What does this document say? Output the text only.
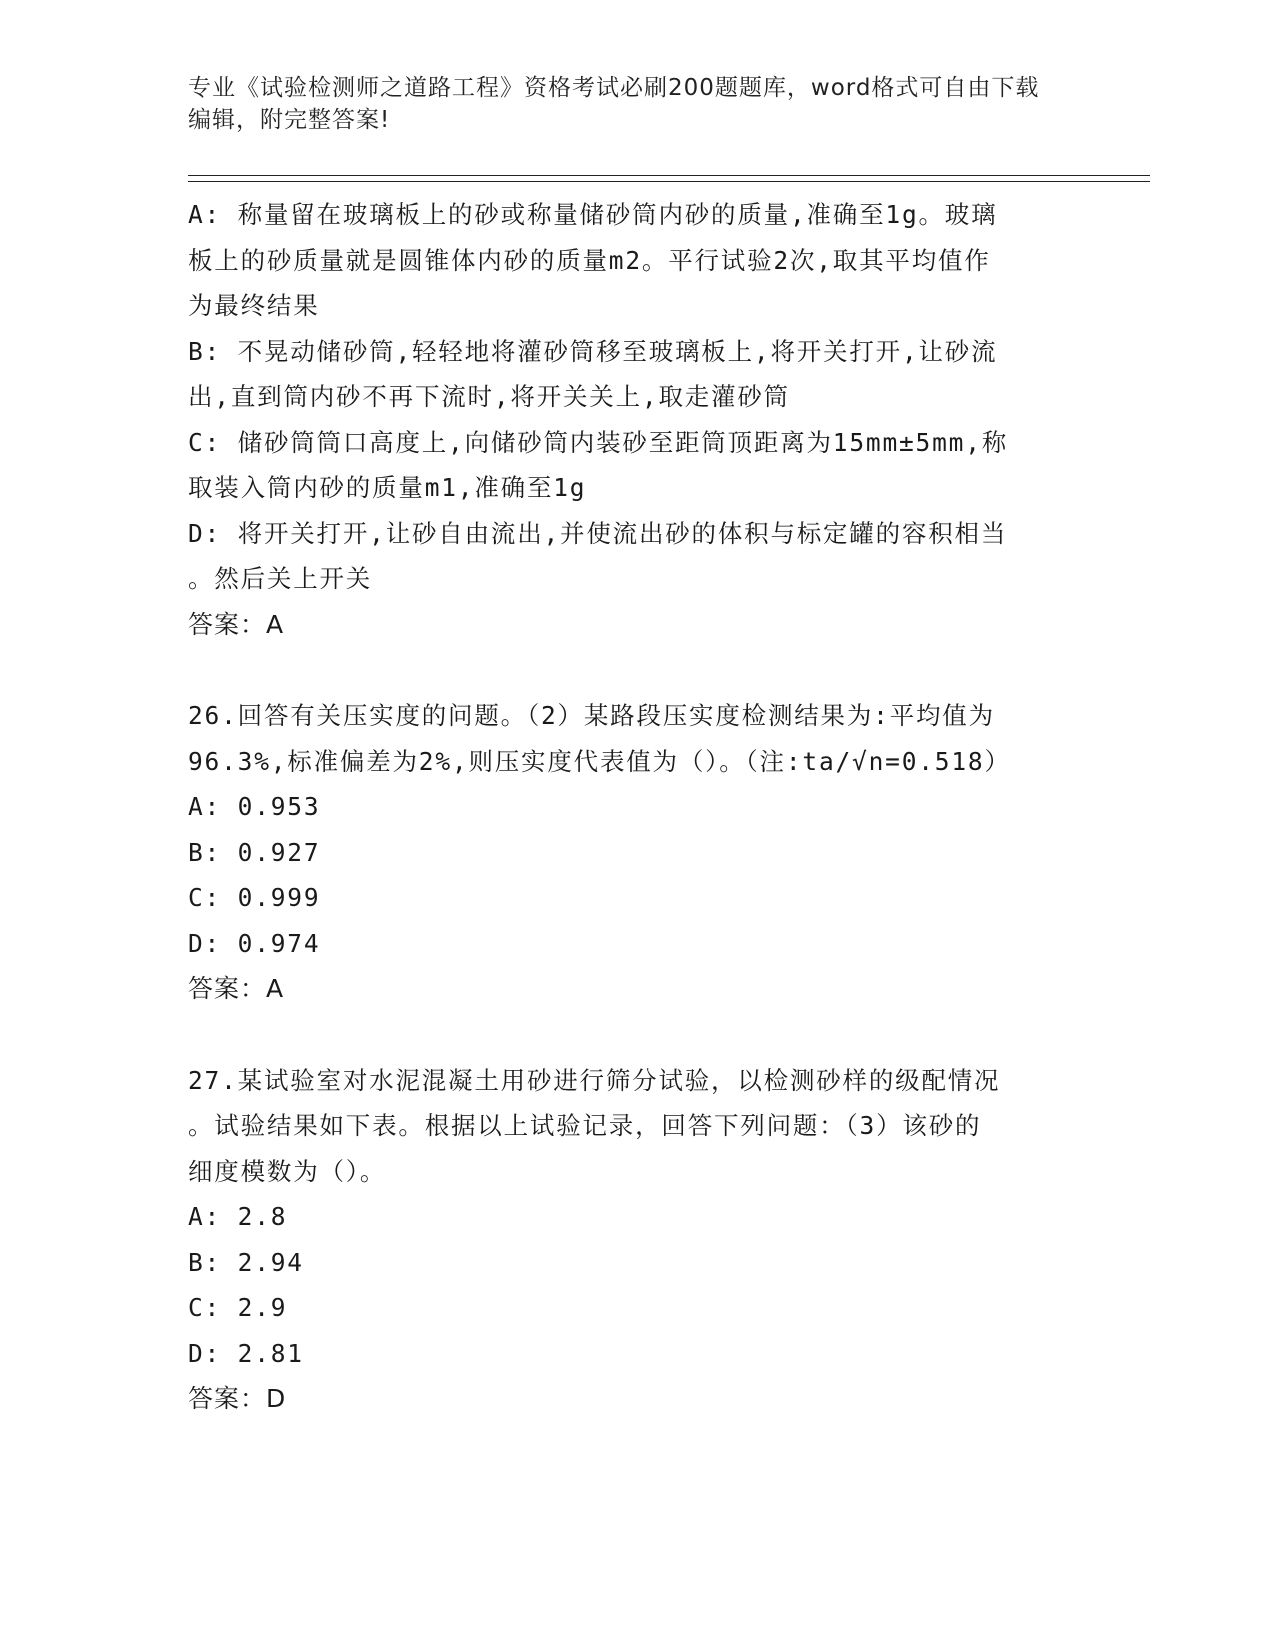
专业《试验检测师之道路工程》资格考试必刷200题题库，word格式可自由下载

编辑，附完整答案!

A: 称量留在玻璃板上的砂或称量储砂筒内砂的质量,准确至1g。玻璃

板上的砂质量就是圆锥体内砂的质量m2。平行试验2次,取其平均值作

为最终结果

B: 不晃动储砂筒,轻轻地将灌砂筒移至玻璃板上,将开关打开,让砂流

出,直到筒内砂不再下流时,将开关关上,取走灌砂筒

C: 储砂筒筒口高度上,向储砂筒内装砂至距筒顶距离为15mm±5mm,称

取装入筒内砂的质量m1,准确至1g

D: 将开关打开,让砂自由流出,并使流出砂的体积与标定罐的容积相当

。然后关上开关

答案：A

26.回答有关压实度的问题。（2）某路段压实度检测结果为:平均值为

96.3%,标准偏差为2%,则压实度代表值为（）。（注:ta/√n=0.518）

A: 0.953

B: 0.927

C: 0.999

D: 0.974

答案：A

27.某试验室对水泥混凝土用砂进行筛分试验，以检测砂样的级配情况

。试验结果如下表。根据以上试验记录，回答下列问题：（3）该砂的

细度模数为（）。

A: 2.8

B: 2.94

C: 2.9

D: 2.81

答案：D
